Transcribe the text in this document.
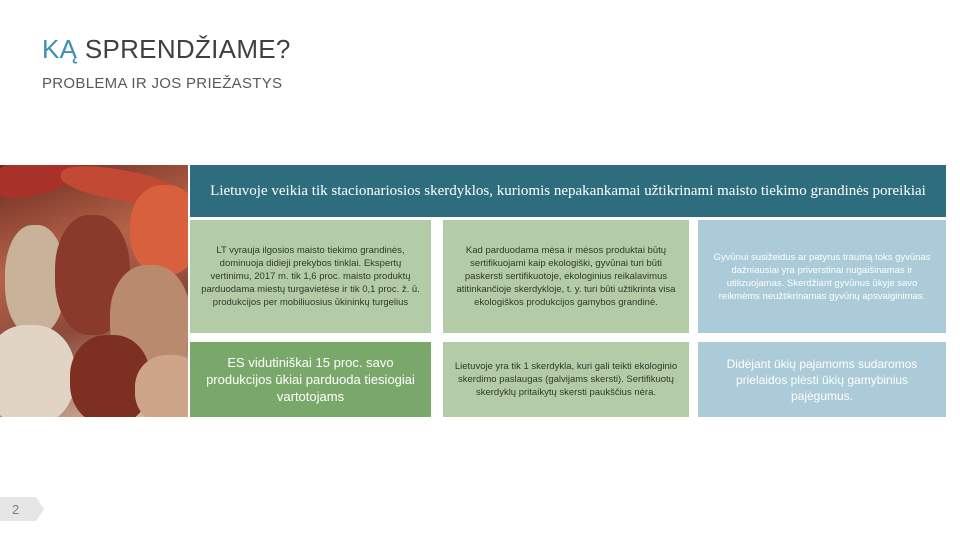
KĄ SPRENDŽIAME?
PROBLEMA IR JOS PRIEŽASTYS
Lietuvoje veikia tik stacionariosios skerdyklos, kuriomis nepakankamai užtikrinami maisto tiekimo grandinės poreikiai
LT vyrauja ilgosios maisto tiekimo grandinės, dominuoja didieji prekybos tinklai. Ekspertų vertinimu, 2017 m. tik 1,6 proc. maisto produktų parduodama miestų turgavietėse ir tik 0,1 proc. ž. ū. produkcijos per mobiliuosius ūkininkų turgelius
Kad parduodama mėsa ir mėsos produktai būtų sertifikuojami kaip ekologiški, gyvūnai turi būti paskersti sertifikuotoje, ekologinius reikalavimus atitinkančioje skerdykloje, t. y. turi būti užtikrinta visa ekologiškos produkcijos gamybos grandinė.
Gyvūnui susižeidus ar patyrus traumą toks gyvūnas dažniausiai yra priverstinai nugaišinamas ir utilizuojamas. Skerdžiant gyvūnus ūkyje savo reikmėms neužtikrinamas gyvūnų apsvaiginimas.
ES vidutiniškai 15 proc. savo produkcijos ūkiai parduoda tiesiogiai vartotojams
Lietuvoje yra tik 1 skerdykla, kuri gali teikti ekologinio skerdimo paslaugas (galvijams skersti). Sertifikuotų skerdyklų pritaikytų skersti paukščius nėra.
Didėjant ūkių pajamoms sudaromos prielaidos plėsti ūkių gamybinius pajėgumus.
2
